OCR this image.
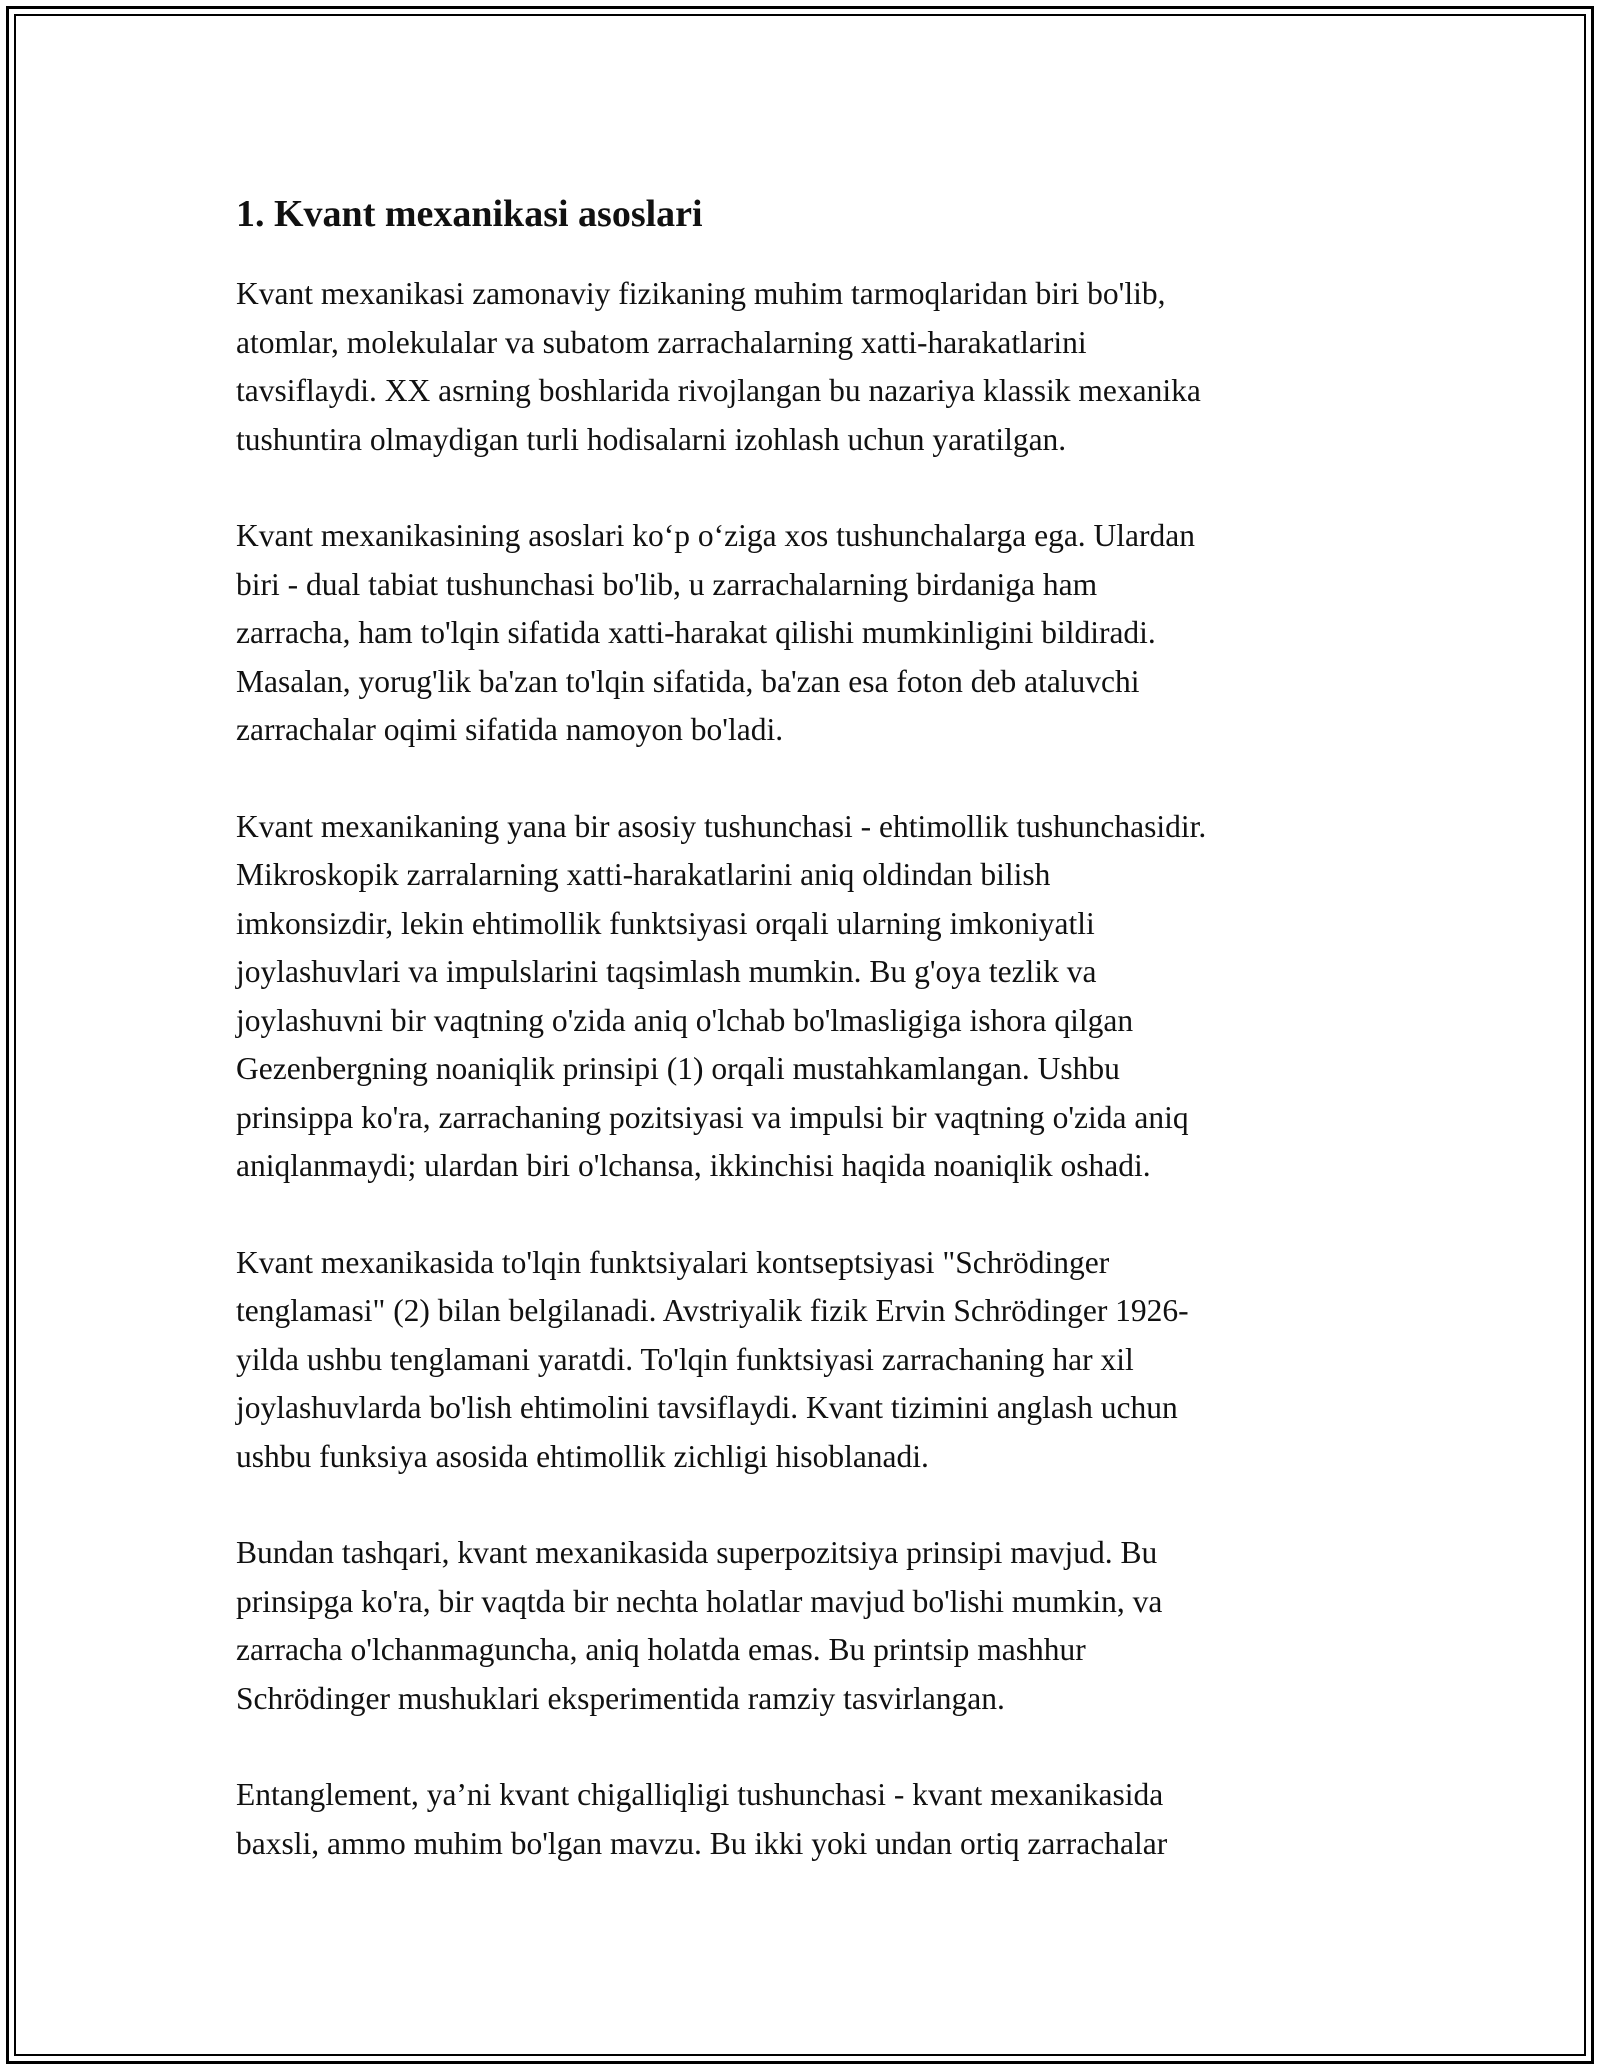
1. Kvant mexanikasi asoslari

Kvant mexanikasi zamonaviy fizikaning muhim tarmoqlaridan biri bo'lib,
atomlar, molekulalar va subatom zarrachalarning xatti-harakatlarini
tavsiflaydi. XX asrning boshlarida rivojlangan bu nazariya klassik mexanika
tushuntira olmaydigan turli hodisalarni izohlash uchun yaratilgan.

Kvant mexanikasining asoslari ko‘p o‘ziga xos tushunchalarga ega. Ulardan
biri - dual tabiat tushunchasi bo'lib, u zarrachalarning birdaniga ham
zarracha, ham to'lqin sifatida xatti-harakat qilishi mumkinligini bildiradi.
Masalan, yorug'lik ba'zan to'lqin sifatida, ba'zan esa foton deb ataluvchi
zarrachalar oqimi sifatida namoyon bo'ladi.

Kvant mexanikaning yana bir asosiy tushunchasi - ehtimollik tushunchasidir.
Mikroskopik zarralarning xatti-harakatlarini aniq oldindan bilish
imkonsizdir, lekin ehtimollik funktsiyasi orqali ularning imkoniyatli
joylashuvlari va impulslarini taqsimlash mumkin. Bu g'oya tezlik va
joylashuvni bir vaqtning o'zida aniq o'lchab bo'lmasligiga ishora qilgan
Gezenbergning noaniqlik prinsipi (1) orqali mustahkamlangan. Ushbu
prinsippa ko'ra, zarrachaning pozitsiyasi va impulsi bir vaqtning o'zida aniq
aniqlanmaydi; ulardan biri o'lchansa, ikkinchisi haqida noaniqlik oshadi.

Kvant mexanikasida to'lqin funktsiyalari kontseptsiyasi "Schrödinger
tenglamasi" (2) bilan belgilanadi. Avstriyalik fizik Ervin Schrödinger 1926-
yilda ushbu tenglamani yaratdi. To'lqin funktsiyasi zarrachaning har xil
joylashuvlarda bo'lish ehtimolini tavsiflaydi. Kvant tizimini anglash uchun
ushbu funksiya asosida ehtimollik zichligi hisoblanadi.

Bundan tashqari, kvant mexanikasida superpozitsiya prinsipi mavjud. Bu
prinsipga ko'ra, bir vaqtda bir nechta holatlar mavjud bo'lishi mumkin, va
zarracha o'lchanmaguncha, aniq holatda emas. Bu printsip mashhur
Schrödinger mushuklari eksperimentida ramziy tasvirlangan.

Entanglement, ya’ni kvant chigalliqligi tushunchasi - kvant mexanikasida
baxsli, ammo muhim bo'lgan mavzu. Bu ikki yoki undan ortiq zarrachalar
